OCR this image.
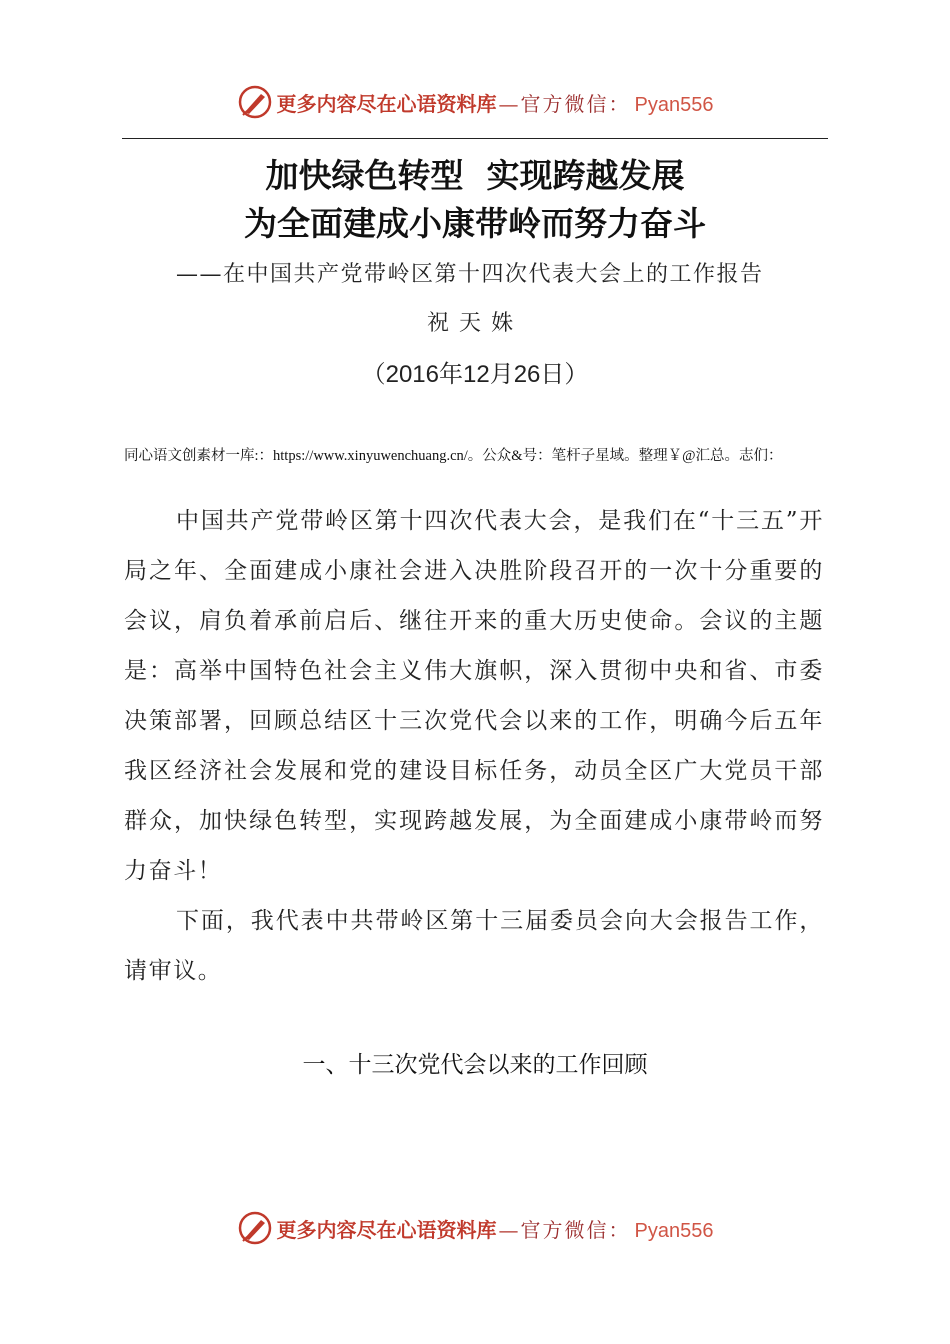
更多内容尽在心语资料库 — 官方微信： Pyan556
加快绿色转型  实现跨越发展
为全面建成小康带岭而努力奋斗
——在中国共产党带岭区第十四次代表大会上的工作报告
祝天姝
（2016年12月26日）
同心语文创素材一库:：https://www.xinyuwenchuang.cn/。公众&号：笔杆子星域。整理￥@汇总。志们：
中国共产党带岭区第十四次代表大会，是我们在“十三五”开局之年、全面建成小康社会进入决胜阶段召开的一次十分重要的会议，肩负着承前启后、继往开来的重大历史使命。会议的主题是：高举中国特色社会主义伟大旗帜，深入贯彻中央和省、市委决策部署，回顾总结区十三次党代会以来的工作，明确今后五年我区经济社会发展和党的建设目标任务，动员全区广大党员干部群众，加快绿色转型，实现跨越发展，为全面建成小康带岭而努力奋斗！
下面，我代表中共带岭区第十三届委员会向大会报告工作，请审议。
一、十三次党代会以来的工作回顾
更多内容尽在心语资料库 — 官方微信： Pyan556
